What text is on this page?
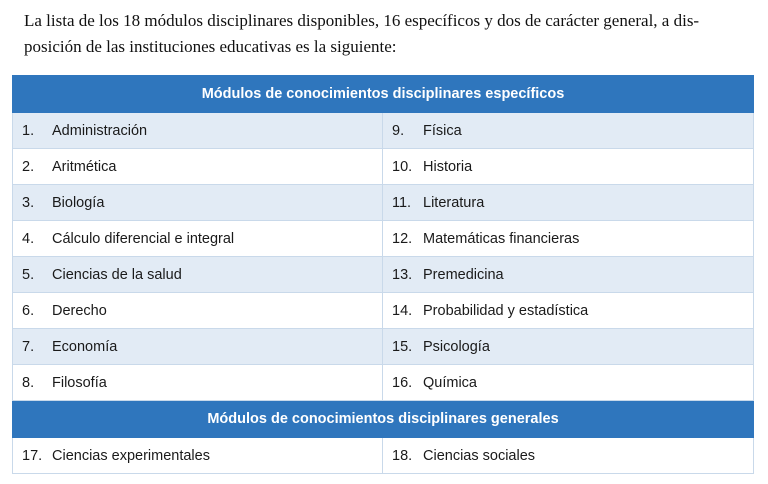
La lista de los 18 módulos disciplinares disponibles, 16 específicos y dos de carácter general, a dis-
posición de las instituciones educativas es la siguiente:

Módulos de conocimientos disciplinares específicos	
1. Administración	9. Física
2. Aritmética	10. Historia
3. Biología	11. Literatura
4. Cálculo diferencial e integral	12. Matemáticas financieras
5. Ciencias de la salud	13. Premedicina
6. Derecho	14. Probabilidad y estadística
7. Economía	15. Psicología
8. Filosofía	16. Química
Módulos de conocimientos disciplinares generales	
17. Ciencias experimentales	18. Ciencias sociales
